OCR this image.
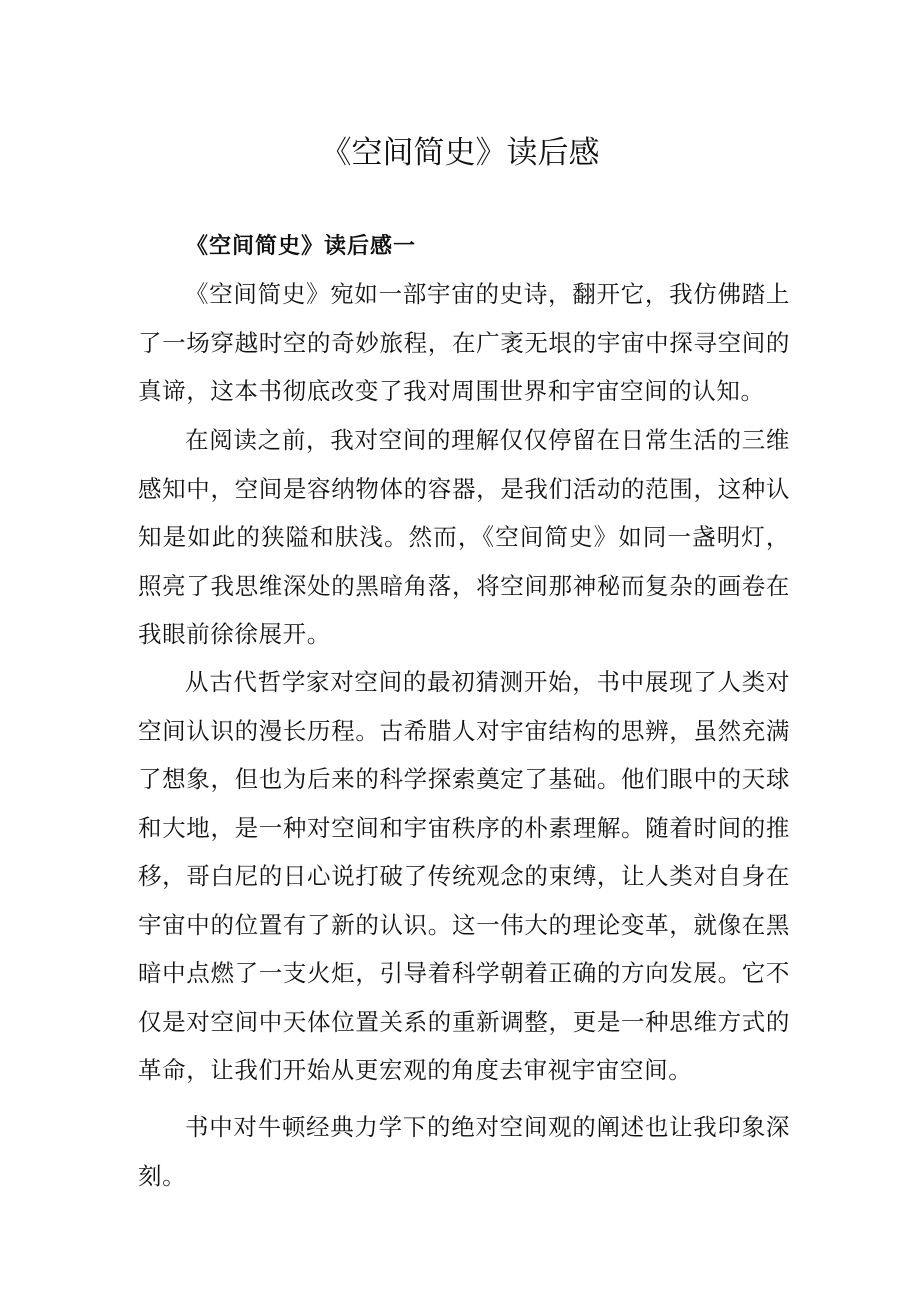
《空间简史》读后感
《空间简史》读后感一

《空间简史》宛如一部宇宙的史诗，翻开它，我仿佛踏上了一场穿越时空的奇妙旅程，在广袤无垠的宇宙中探寻空间的真谛，这本书彻底改变了我对周围世界和宇宙空间的认知。

在阅读之前，我对空间的理解仅仅停留在日常生活的三维感知中，空间是容纳物体的容器，是我们活动的范围，这种认知是如此的狭隘和肤浅。然而，《空间简史》如同一盏明灯，照亮了我思维深处的黑暗角落，将空间那神秘而复杂的画卷在我眼前徐徐展开。

从古代哲学家对空间的最初猜测开始，书中展现了人类对空间认识的漫长历程。古希腊人对宇宙结构的思辨，虽然充满了想象，但也为后来的科学探索奠定了基础。他们眼中的天球和大地，是一种对空间和宇宙秩序的朴素理解。随着时间的推移，哥白尼的日心说打破了传统观念的束缚，让人类对自身在宇宙中的位置有了新的认识。这一伟大的理论变革，就像在黑暗中点燃了一支火炬，引导着科学朝着正确的方向发展。它不仅是对空间中天体位置关系的重新调整，更是一种思维方式的革命，让我们开始从更宏观的角度去审视宇宙空间。

书中对牛顿经典力学下的绝对空间观的阐述也让我印象深刻。
